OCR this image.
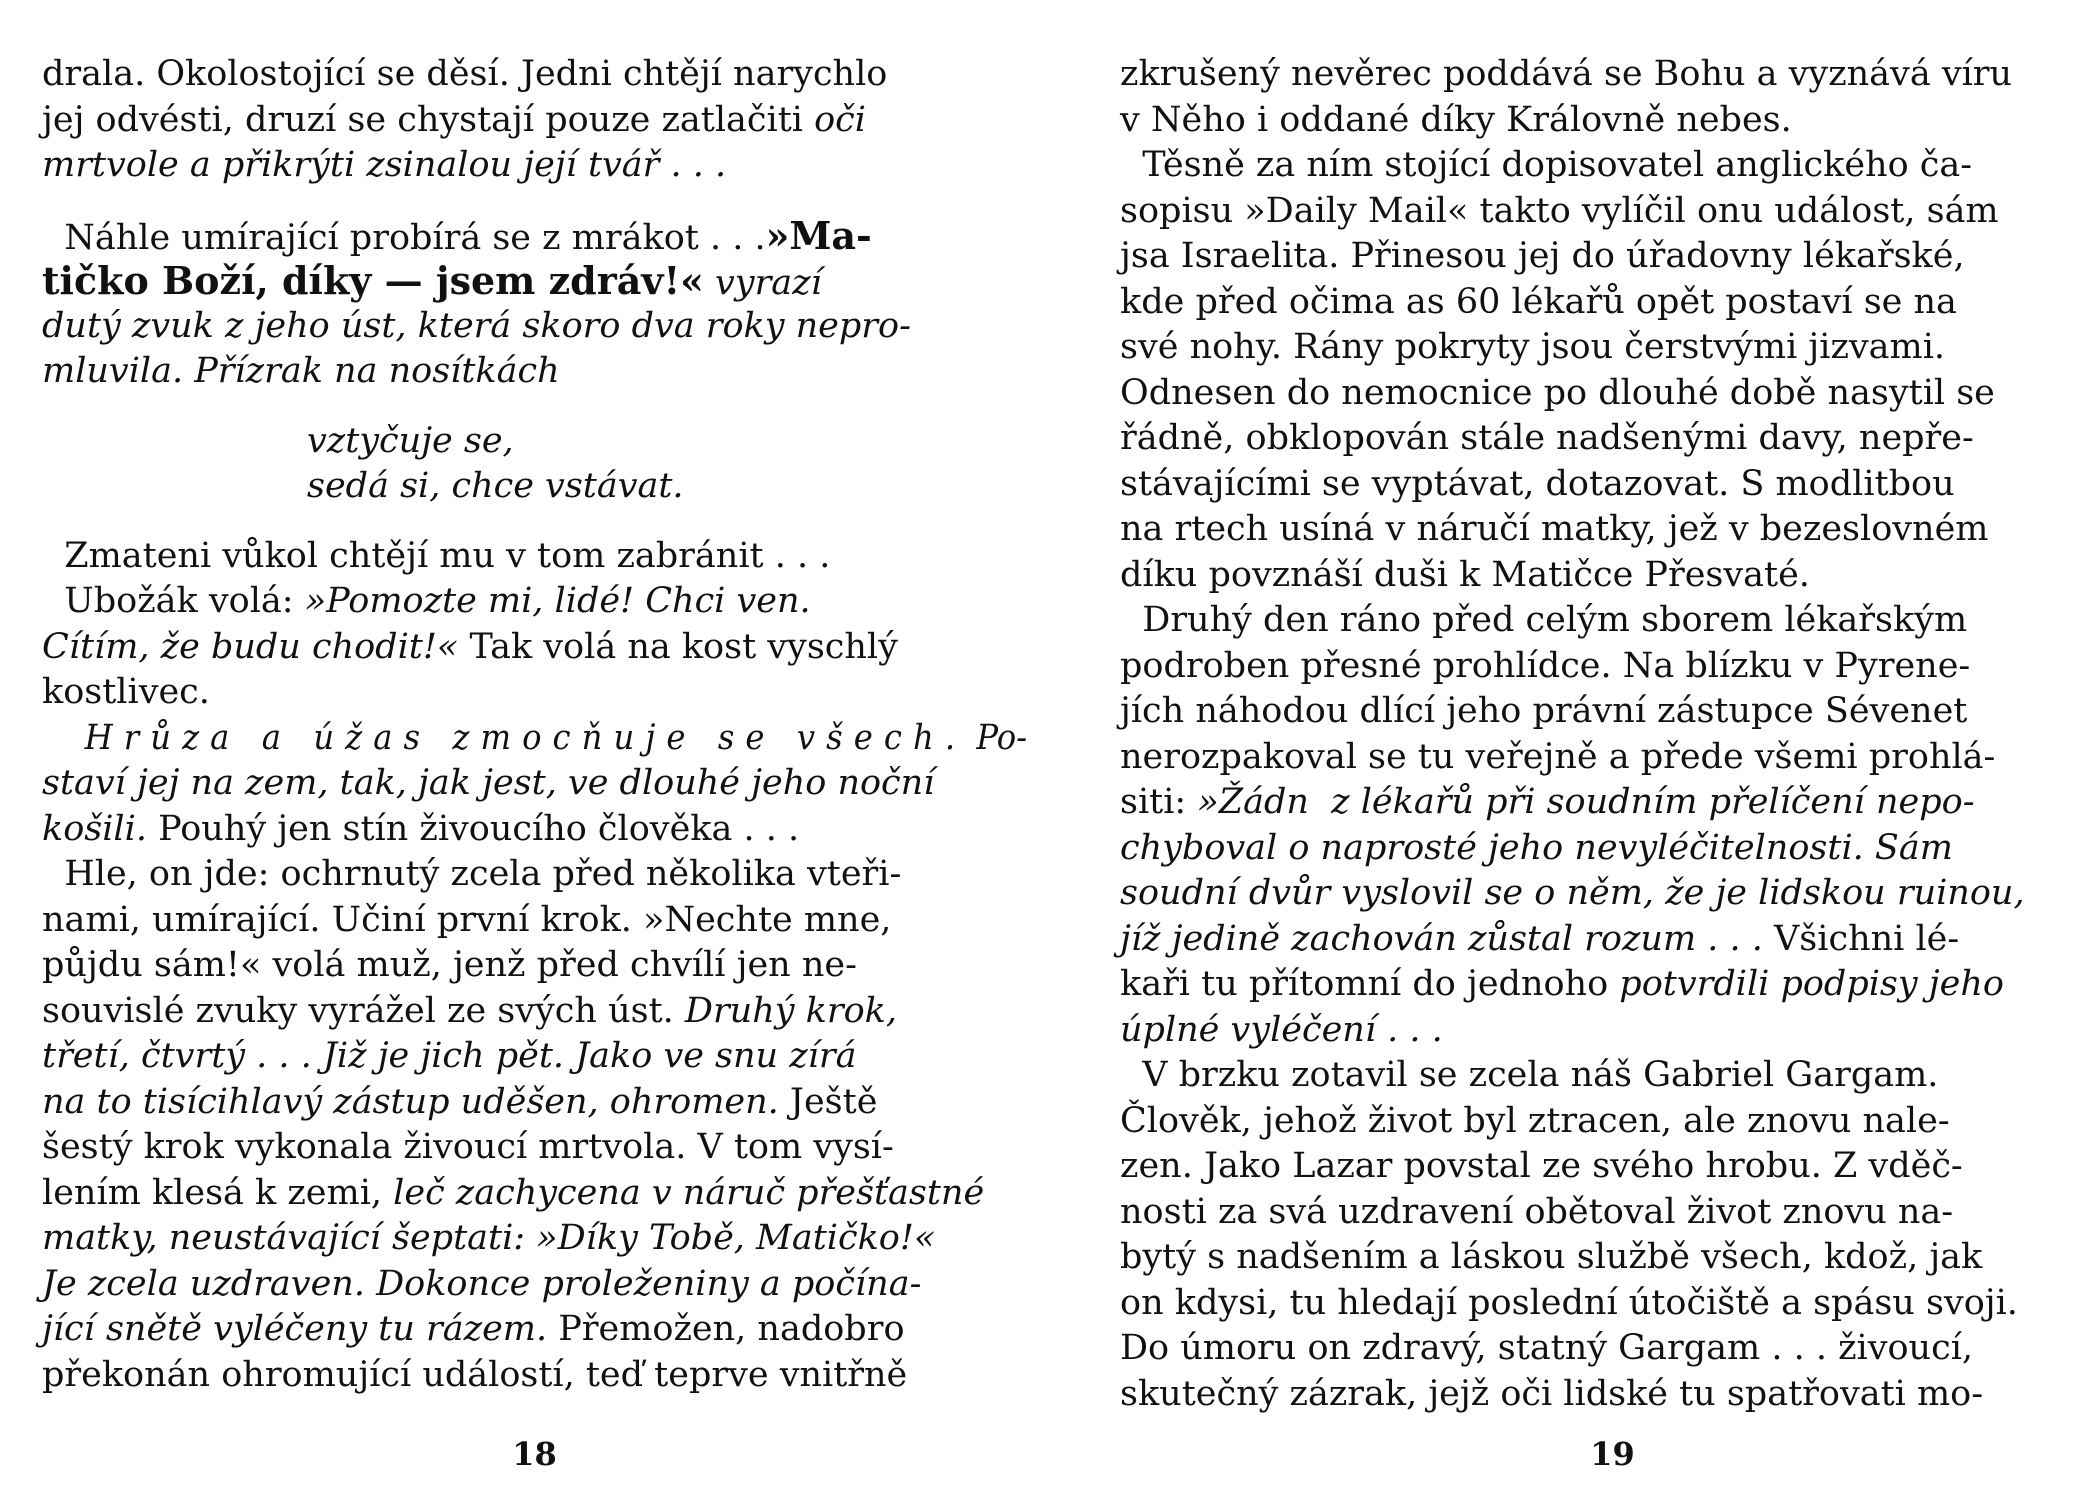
drala. Okolostojící se děsí. Jedni chtějí narychlo
jej odvésti, druzí se chystají pouze zatlačiti oči
mrtvole a přikrýti zsinalou její tvář . . .
Náhle umírající probírá se z mrákot . . .»Ma-
tičko Boží, díky — jsem zdráv!« vyrazí
dutý zvuk z jeho úst, která skoro dva roky nepro-
mluvila. Přízrak na nosítkách
vztyčuje se,
sedá si, chce vstávat.
Zmateni vůkol chtějí mu v tom zabránit . . .
Ubožák volá: »Pomozte mi, lidé! Chci ven.
Cítím, že budu chodit!« Tak volá na kost vyschlý
kostlivec.
Hrůza a úžas zmocňuje se všech. Po-
staví jej na zem, tak, jak jest, ve dlouhé jeho noční
košili. Pouhý jen stín živoucího člověka . . .
Hle, on jde: ochrnutý zcela před několika vteři-
nami, umírající. Učiní první krok. »Nechte mne,
půjdu sám!« volá muž, jenž před chvílí jen ne-
souvislé zvuky vyrážel ze svých úst. Druhý krok,
třetí, čtvrtý . . . Již je jich pět. Jako ve snu zírá
na to tisícihlavý zástup uděšen, ohromen. Ještě
šestý krok vykonala živoucí mrtvola. V tom vysí-
lením klesá k zemi, leč zachycena v náruč přešťastné
matky, neustávající šeptati: »Díky Tobě, Matičko!«
Je zcela uzdraven. Dokonce proleženiny a počína-
jící snětě vyléčeny tu rázem. Přemožen, nadobro
překonán ohromující událostí, teď teprve vnitřně
18
zkrušený nevěrec poddává se Bohu a vyznává víru
v Něho i oddané díky Královně nebes.
Těsně za ním stojící dopisovatel anglického ča-
sopisu »Daily Mail« takto vylíčil onu událost, sám
jsa Israelita. Přinesou jej do úřadovny lékařské,
kde před očima as 60 lékařů opět postaví se na
své nohy. Rány pokryty jsou čerstvými jizvami.
Odnesen do nemocnice po dlouhé době nasytil se
řádně, obklopován stále nadšenými davy, nepře-
stávajícími se vyptávat, dotazovat. S modlitbou
na rtech usíná v náručí matky, jež v bezeslovném
díku povznáší duši k Matičce Přesvaté.
Druhý den ráno před celým sborem lékařským
podroben přesné prohlídce. Na blízku v Pyrene-
jích náhodou dlící jeho právní zástupce Sévenet
nerozpakoval se tu veřejně a přede všemi prohlá-
siti: »Žádn  z lékařů při soudním přelíčení nepo-
chyboval o naprosté jeho nevyléčitelnosti. Sám
soudní dvůr vyslovil se o něm, že je lidskou ruinou,
jíž jedině zachován zůstal rozum . . . Všichni lé-
kaři tu přítomní do jednoho potvrdili podpisy jeho
úplné vyléčení . . .
V brzku zotavil se zcela náš Gabriel Gargam.
Člověk, jehož život byl ztracen, ale znovu nale-
zen. Jako Lazar povstal ze svého hrobu. Z vděč-
nosti za svá uzdravení obětoval život znovu na-
bytý s nadšením a láskou službě všech, kdož, jak
on kdysi, tu hledají poslední útočiště a spásu svoji.
Do úmoru on zdravý, statný Gargam . . . živoucí,
skutečný zázrak, jejž oči lidské tu spatřovati mo-
19
